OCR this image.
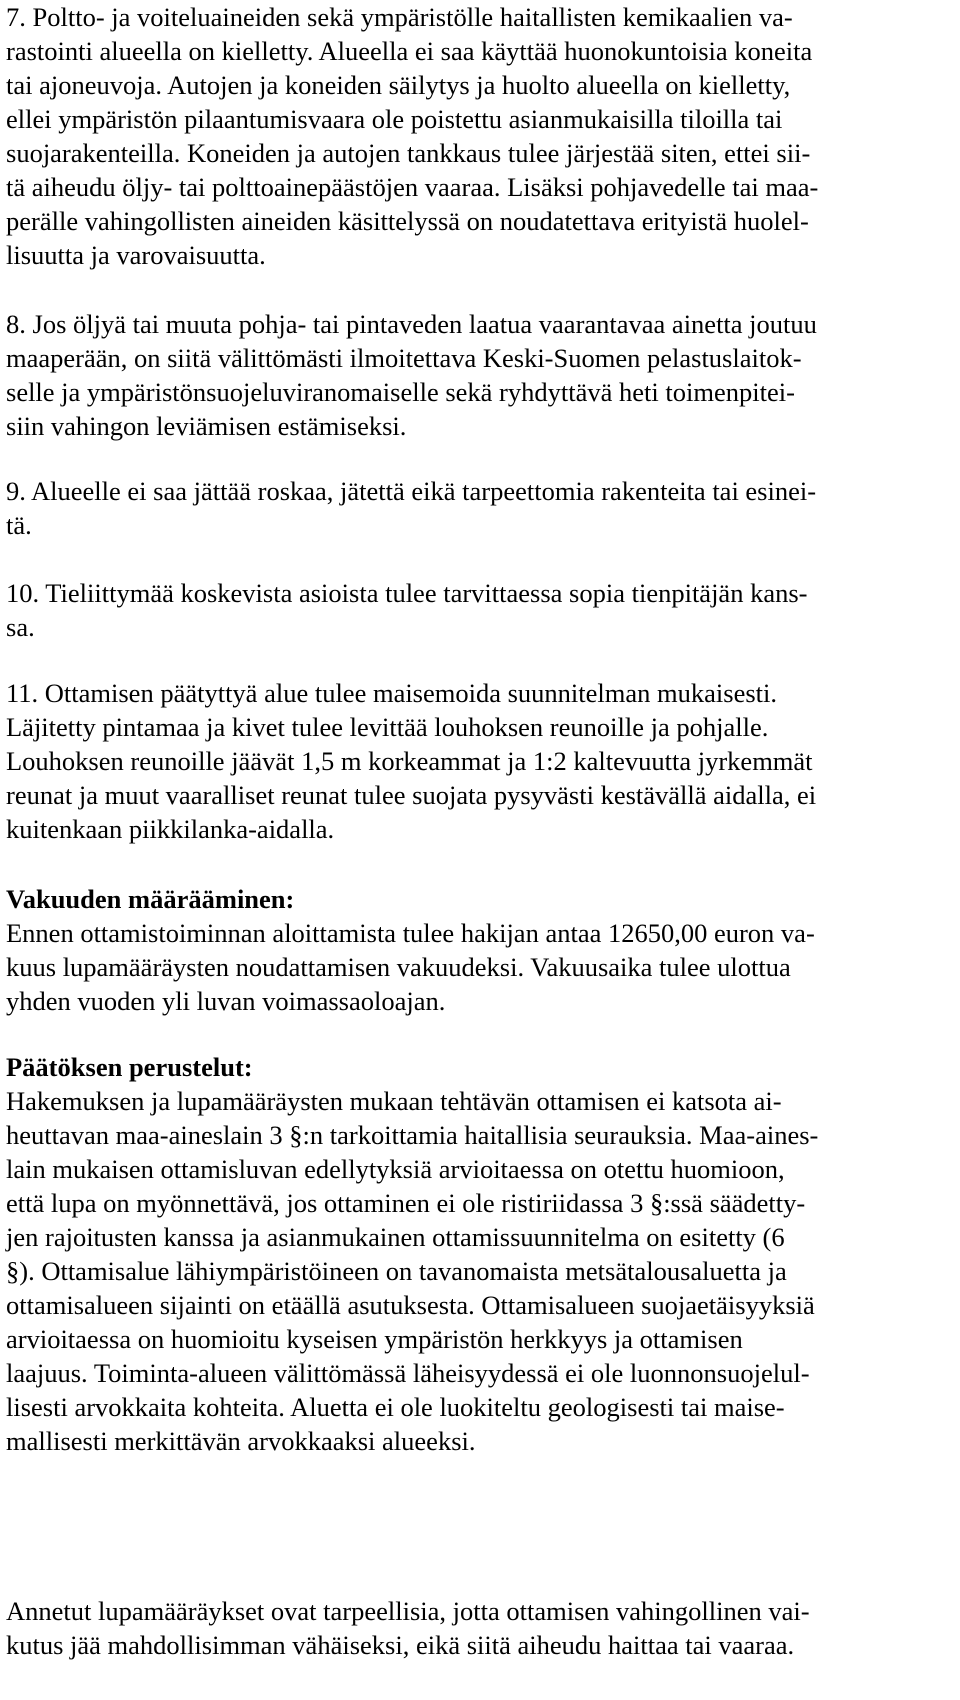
7. Poltto- ja voiteluaineiden sekä ympäristölle haitallisten kemikaalien va-
rastointi alueella on kielletty. Alueella ei saa käyttää huonokuntoisia koneita
tai ajoneuvoja. Autojen ja koneiden säilytys ja huolto alueella on kielletty,
ellei ympäristön pilaantumisvaara ole poistettu asianmukaisilla tiloilla tai
suojarakenteilla. Koneiden ja autojen tankkaus tulee järjestää siten, ettei sii-
tä aiheudu öljy- tai polttoainepäästöjen vaaraa. Lisäksi pohjavedelle tai maa-
perälle vahingollisten aineiden käsittelyssä on noudatettava erityistä huolel-
lisuutta ja varovaisuutta.
8. Jos öljyä tai muuta pohja- tai pintaveden laatua vaarantavaa ainetta joutuu
maaperään, on siitä välittömästi ilmoitettava Keski-Suomen pelastuslaitok-
selle ja ympäristönsuojeluviranomaiselle sekä ryhdyttävä heti toimenpitei-
siin vahingon leviämisen estämiseksi.
9. Alueelle ei saa jättää roskaa, jätettä eikä tarpeettomia rakenteita tai esinei-
tä.
10. Tieliittymää koskevista asioista tulee tarvittaessa sopia tienpitäjän kans-
sa.
11. Ottamisen päätyttyä alue tulee maisemoida suunnitelman mukaisesti.
Läjitetty pintamaa ja kivet tulee levittää louhoksen reunoille ja pohjalle.
Louhoksen reunoille jäävät 1,5 m korkeammat ja 1:2 kaltevuutta jyrkemmät
reunat ja muut vaaralliset reunat tulee suojata pysyvästi kestävällä aidalla, ei
kuitenkaan piikkilanka-aidalla.
Vakuuden määrääminen:
Ennen ottamistoiminnan aloittamista tulee hakijan antaa 12650,00 euron va-
kuus lupamääräysten noudattamisen vakuudeksi. Vakuusaika tulee ulottua
yhden vuoden yli luvan voimassaoloajan.
Päätöksen perustelut:
Hakemuksen ja lupamääräysten mukaan tehtävän ottamisen ei katsota ai-
heuttavan maa-aineslain 3 §:n tarkoittamia haitallisia seurauksia. Maa-aines-
lain mukaisen ottamisluvan edellytyksiä arvioitaessa on otettu huomioon,
että lupa on myönnettävä, jos ottaminen ei ole ristiriidassa 3 §:ssä säädetty-
jen rajoitusten kanssa ja asianmukainen ottamissuunnitelma on esitetty (6
§). Ottamisalue lähiympäristöineen on tavanomaista metsätalousaluetta ja
ottamisalueen sijainti on etäällä asutuksesta. Ottamisalueen suojaetäisyyksiä
arvioitaessa on huomioitu kyseisen ympäristön herkkyys ja ottamisen
laajuus. Toiminta-alueen välittömässä läheisyydessä ei ole luonnonsuojelul-
lisesti arvokkaita kohteita. Aluetta ei ole luokiteltu geologisesti tai maise-
mallisesti merkittävän arvokkaaksi alueeksi.
Annetut lupamääräykset ovat tarpeellisia, jotta ottamisen vahingollinen vai-
kutus jää mahdollisimman vähäiseksi, eikä siitä aiheudu haittaa tai vaaraa.
